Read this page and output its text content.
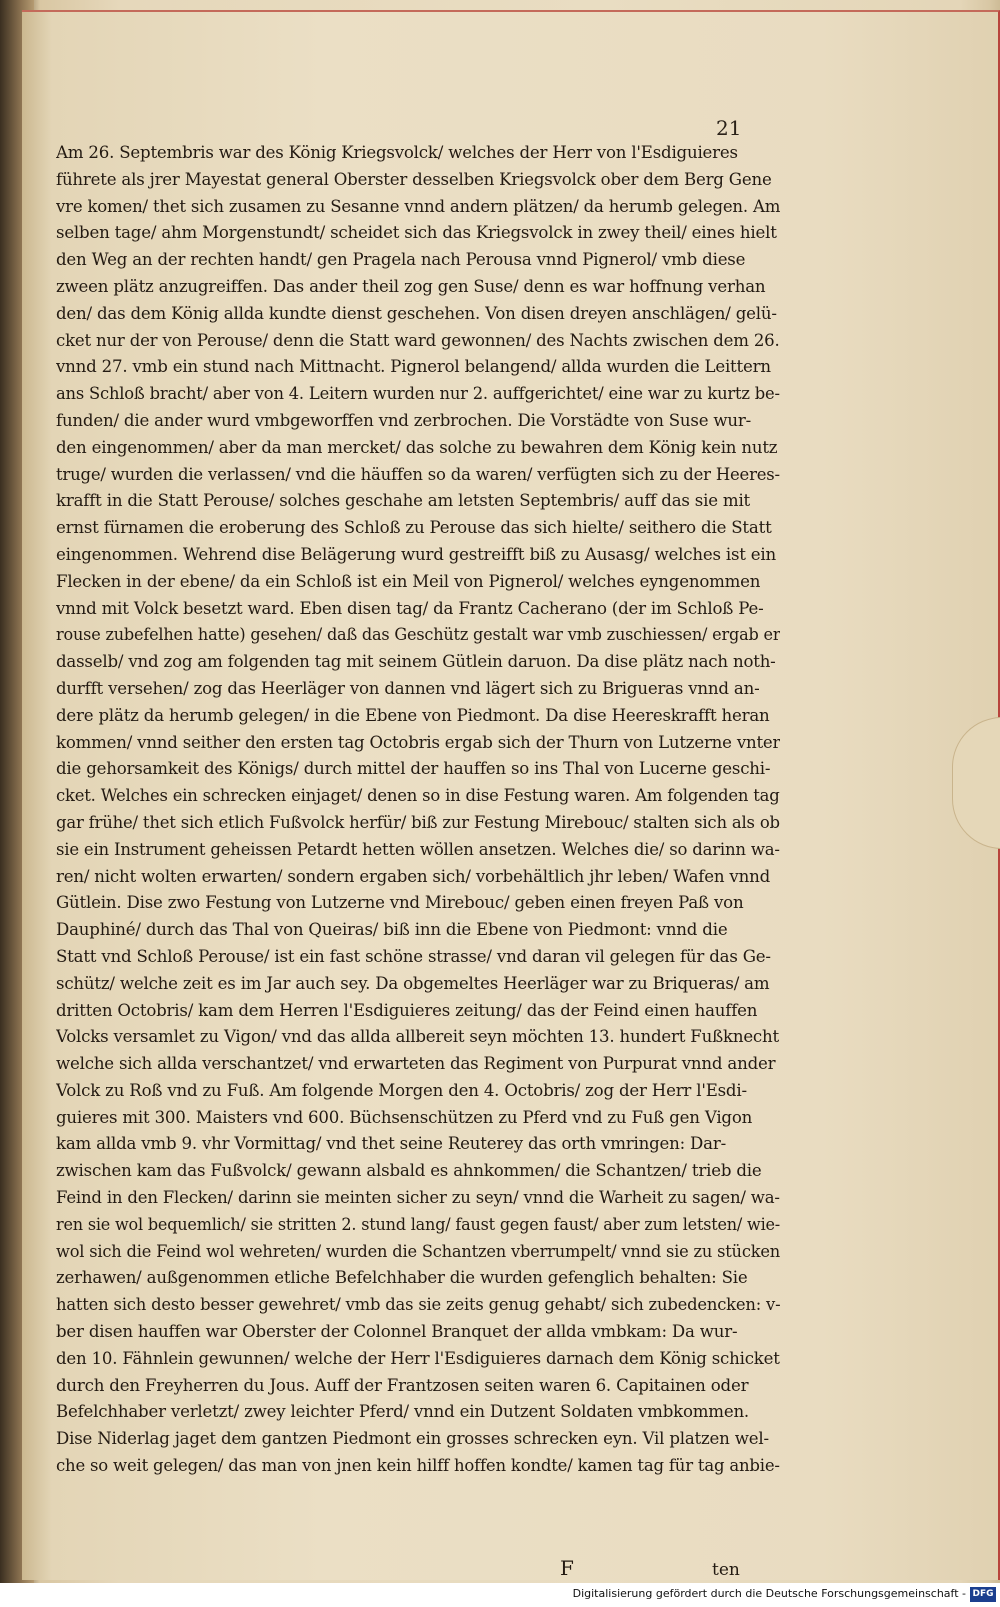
21
Am 26. Septembris war des König Kriegsvolck/ welches der Herr von l'Esdiguieres
führete als jrer Mayestat general Oberster desselben Kriegsvolck ober dem Berg Gene
vre komen/ thet sich zusamen zu Sesanne vnnd andern plätzen/ da herumb gelegen. Am
selben tage/ ahm Morgenstundt/ scheidet sich das Kriegsvolck in zwey theil/ eines hielt
den Weg an der rechten handt/ gen Pragela nach Perousa vnnd Pignerol/ vmb diese
zween plätz anzugreiffen. Das ander theil zog gen Suse/ denn es war hoffnung verhan
den/ das dem König allda kundte dienst geschehen. Von disen dreyen anschlägen/ gelü-
cket nur der von Perouse/ denn die Statt ward gewonnen/ des Nachts zwischen dem 26.
vnnd 27. vmb ein stund nach Mittnacht. Pignerol belangend/ allda wurden die Leittern
ans Schloß bracht/ aber von 4. Leitern wurden nur 2. auffgerichtet/ eine war zu kurtz be-
funden/ die ander wurd vmbgeworffen vnd zerbrochen. Die Vorstädte von Suse wur-
den eingenommen/ aber da man mercket/ das solche zu bewahren dem König kein nutz
truge/ wurden die verlassen/ vnd die häuffen so da waren/ verfügten sich zu der Heeres-
krafft in die Statt Perouse/ solches geschahe am letsten Septembris/ auff das sie mit
ernst fürnamen die eroberung des Schloß zu Perouse das sich hielte/ seithero die Statt
eingenommen. Wehrend dise Belägerung wurd gestreifft biß zu Ausasg/ welches ist ein
Flecken in der ebene/ da ein Schloß ist ein Meil von Pignerol/ welches eyngenommen
vnnd mit Volck besetzt ward. Eben disen tag/ da Frantz Cacherano (der im Schloß Pe-
rouse zubefelhen hatte) gesehen/ daß das Geschütz gestalt war vmb zuschiessen/ ergab er
dasselb/ vnd zog am folgenden tag mit seinem Gütlein daruon. Da dise plätz nach noth-
durfft versehen/ zog das Heerläger von dannen vnd lägert sich zu Brigueras vnnd an-
dere plätz da herumb gelegen/ in die Ebene von Piedmont. Da dise Heereskrafft heran
kommen/ vnnd seither den ersten tag Octobris ergab sich der Thurn von Lutzerne vnter
die gehorsamkeit des Königs/ durch mittel der hauffen so ins Thal von Lucerne geschi-
cket. Welches ein schrecken einjaget/ denen so in dise Festung waren. Am folgenden tag
gar frühe/ thet sich etlich Fußvolck herfür/ biß zur Festung Mirebouc/ stalten sich als ob
sie ein Instrument geheissen Petardt hetten wöllen ansetzen. Welches die/ so darinn wa-
ren/ nicht wolten erwarten/ sondern ergaben sich/ vorbehältlich jhr leben/ Wafen vnnd
Gütlein. Dise zwo Festung von Lutzerne vnd Mirebouc/ geben einen freyen Paß von
Dauphiné/ durch das Thal von Queiras/ biß inn die Ebene von Piedmont: vnnd die
Statt vnd Schloß Perouse/ ist ein fast schöne strasse/ vnd daran vil gelegen für das Ge-
schütz/ welche zeit es im Jar auch sey. Da obgemeltes Heerläger war zu Briqueras/ am
dritten Octobris/ kam dem Herren l'Esdiguieres zeitung/ das der Feind einen hauffen
Volcks versamlet zu Vigon/ vnd das allda allbereit seyn möchten 13. hundert Fußknecht
welche sich allda verschantzet/ vnd erwarteten das Regiment von Purpurat vnnd ander
Volck zu Roß vnd zu Fuß. Am folgende Morgen den 4. Octobris/ zog der Herr l'Esdi-
guieres mit 300. Maisters vnd 600. Büchsenschützen zu Pferd vnd zu Fuß gen Vigon
kam allda vmb 9. vhr Vormittag/ vnd thet seine Reuterey das orth vmringen: Dar-
zwischen kam das Fußvolck/ gewann alsbald es ahnkommen/ die Schantzen/ trieb die
Feind in den Flecken/ darinn sie meinten sicher zu seyn/ vnnd die Warheit zu sagen/ wa-
ren sie wol bequemlich/ sie stritten 2. stund lang/ faust gegen faust/ aber zum letsten/ wie-
wol sich die Feind wol wehreten/ wurden die Schantzen vberrumpelt/ vnnd sie zu stücken
zerhawen/ außgenommen etliche Befelchhaber die wurden gefenglich behalten: Sie
hatten sich desto besser gewehret/ vmb das sie zeits genug gehabt/ sich zubedencken: v-
ber disen hauffen war Oberster der Colonnel Branquet der allda vmbkam: Da wur-
den 10. Fähnlein gewunnen/ welche der Herr l'Esdiguieres darnach dem König schicket
durch den Freyherren du Jous. Auff der Frantzosen seiten waren 6. Capitainen oder
Befelchhaber verletzt/ zwey leichter Pferd/ vnnd ein Dutzent Soldaten vmbkommen.
Dise Niderlag jaget dem gantzen Piedmont ein grosses schrecken eyn. Vil platzen wel-
che so weit gelegen/ das man von jnen kein hilff hoffen kondte/ kamen tag für tag anbie-
F	ten
Digitalisierung gefördert durch die Deutsche Forschungsgemeinschaft - DFG
